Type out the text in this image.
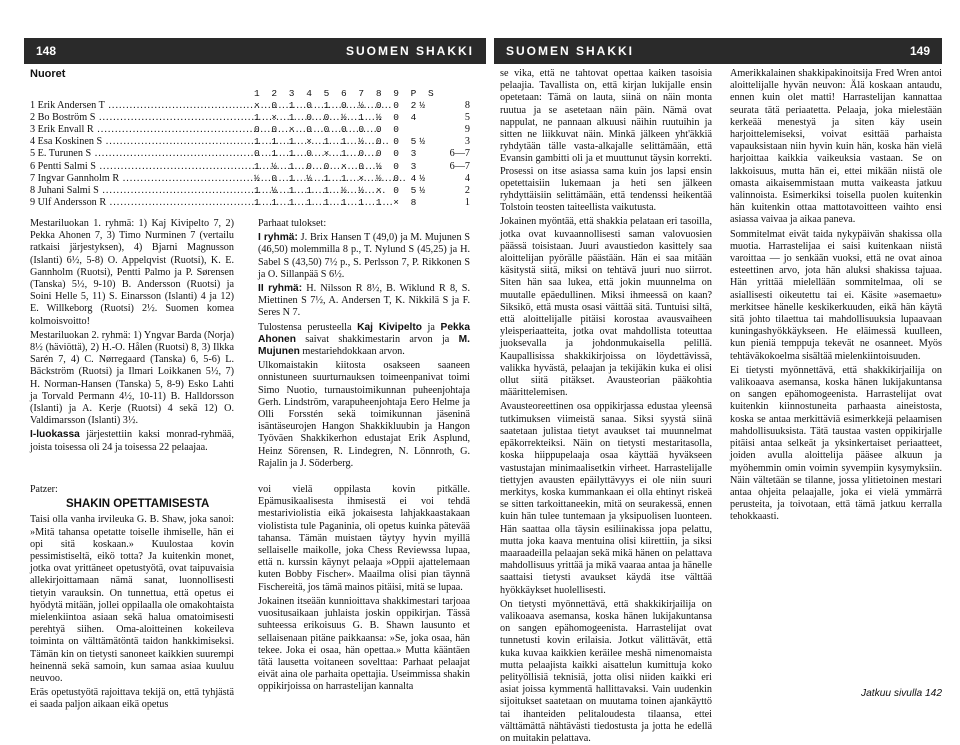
148	SUOMEN SHAKKI	SUOMEN SHAKKI	149
Nuoret
1 2 3 4 5 6 7 8 9 P S
1 Erik Andersen T .....	× 0 1 0 1 0 ½ 0 0 2½	8
2 Bo Boström S .....	1 × 1 0 0 ½ 1 ½ 0 4	5
3 Erik Envall R .....	0 0 × 0 0 0 0 0 0	9
4 Esa Koskinen S .....	1 1 1 × 1 1 ½ 0 0 5½	3
5 E. Turunen S .....	0 1 1 0 × 1 0 0 0 3	6—7
6 Pentti Salmi S .....	1 ½ 1 0 0 × 0 ½ 0 3	6—7
7 Ingvar Gannholm R .....	½ 0 1 ½ 1 1 × ½ 0 4½	4
8 Juhani Salmi S .....	1 ½ 1 1 1 ½ ½ × 0 5½	2
9 Ulf Andersson R .....	1 1 1 1 1 1 1 1 × 8	1

Mestariluokan 1. ryhmä: 1) Kaj Kivipelto 7, 2) Pekka Ahonen 7, 3) Timo Nurminen 7 (vertailu ratkaisi järjestyksen), 4) Bjarni Magnusson (Islanti) 6½, 5-8) O. Appelqvist (Ruotsi), K. E. Gannholm (Ruotsi), Pentti Palmo ja P. Sørensen (Tanska) 5½, 9-10) B. Andersson (Ruotsi) ja Soini Helle 5, 11) S. Einarsson (Islanti) 4 ja 12) E. Willkeborg (Ruotsi) 2½. Suomen komea kolmoisvoitto!

Mestariluokan 2. ryhmä: 1) Yngvar Barda (Norja) 8½ (häviöttä), 2) H.-O. Hålen (Ruotsi) 8, 3) Ilkka Sarén 7, 4) C. Nørregaard (Tanska) 6, 5-6) L. Bäckström (Ruotsi) ja Ilmari Loikkanen 5½, 7) H. Norman-Hansen (Tanska) 5, 8-9) Esko Lahti ja Torvald Permann 4½, 10-11) B. Halldorsson (Islanti) ja A. Kerje (Ruotsi) 4 sekä 12) O. Valdimarsson (Islanti) 3½.

I-luokassa järjestettiin kaksi monrad-ryhmää, joista toisessa oli 24 ja toisessa 22 pelaajaa.

Patzer:
SHAKIN OPETTAMISESTA

Taisi olla vanha irvileuka G. B. Shaw, joka sanoi: »Mitä tahansa opetatte toiselle ihmiselle, hän ei opi sitä koskaan.» Kuulostaa kovin pessimistiseltä, eikö totta? Ja kuitenkin monet, jotka ovat yrittäneet opetustyötä, ovat taipuvaisia allekirjoittamaan nämä sanat, luonnollisesti tietyin varauksin. On tunnettua, että opetus ei hyödytä mitään, jollei oppilaalla ole omakohtaista mielenkiintoa asiaan sekä halua omatoimisesti perehtyä siihen. Oma-aloitteinen kokeileva toiminta on välttämätöntä taidon hankkimiseksi. Tämän kin on tietysti sanoneet kaikkien suurempi heinennä sekä samoin, kun samaa asiaa kuuluu neuvoo.

Eräs opetustyötä rajoittava tekijä on, että tyhjästä ei saada paljon aikaan eikä opetus

Parhaat tulokset:

I ryhmä: J. Brix Hansen T (49,0) ja M. Mujunen S (46,50) molemmilla 8 p., T. Nylund S (45,25) ja H. Sabel S (43,50) 7½ p., S. Perlsson 7, P. Rikkonen S ja O. Sillanpää S 6½.

II ryhmä: H. Nilsson R 8½, B. Wiklund R 8, S. Miettinen S 7½, A. Andersen T, K. Nikkilä S ja F. Seres N 7.

Tulostensa perusteella Kaj Kivipelto ja Pekka Ahonen saivat shakkimestarin arvon ja M. Mujunen mestariehdokkaan arvon.

Ulkomaistakin kiitosta osakseen saaneen onnistuneen suurturnauksen toimeenpanivat toimi Simo Nuotio, turnaustoimikunnan puheenjohtaja Gerh. Lindström, varapuheenjohtaja Eero Helme ja Olli Forsstén sekä toimikunnan jäseninä isäntäseurojen Hangon Shakkikluubin ja Hangon Työväen Shakkikerhon edustajat Erik Asplund, Heinz Sörensen, R. Lindegren, N. Lönnroth, G. Rajalin ja J. Söderberg.

voi vielä oppilasta kovin pitkälle. Epämusikaalisesta ihmisestä ei voi tehdä mestariviolistia eikä jokaisesta lahjakkaastakaan violistista tule Paganinia, oli opetus kuinka pätevää tahansa. Tämän muistaen täytyy hyvin myillä sellaiselle maikolle, joka Chess Reviewssa lupaa, että n. kurssin käynyt pelaaja »Oppii ajattelemaan kuten Bobby Fischer». Maailma olisi pian täynnä Fischereitä, jos tämä mainos pitäisi, mitä se lupaa.

Jokainen itseään kunnioittava shakkimestari tarjoaa vuositusaikaan juhlaista joskin oppikirjan. Tässä suhteessa erikoisuus G. B. Shawn lausunto et sellaisenaan pitäne paikkaansa: »Se, joka osaa, hän tekee. Joka ei osaa, hän opettaa.» Mutta kääntäen tätä lausetta voitaneen sovelttaa: Parhaat pelaajat eivät aina ole parhaita opettajia. Useimmissa shakin oppikirjoissa on harrastelijan kannalta

se vika, että ne tahtovat opettaa kaiken tasoisia pelaajia. Tavallista on, että kirjan lukijalle ensin opetetaan: Tämä on lauta, siinä on näin monta ruutua ja se asetetaan näin päin. Nämä ovat nappulat, ne pannaan alkuusi näihin ruutuihin ja sitten ne liikkuvat näin. Minkä jälkeen yht'äkkiä ryhdytään tälle vasta-alkajalle selittämään, että Evansin gambitti oli ja et muuttunut täysin korrekti. Prosessi on itse asiassa sama kuin jos lapsi ensin opetettaisiin lukemaan ja heti sen jälkeen ryhdyttäisiin selittämään, että tendenssi heikentää Tolstoin teosten taiteellista vaikutusta.

Jokainen myöntää, että shakkia pelataan eri tasoilla, jotka ovat kuvaannollisesti saman valovuosien päässä toisistaan. Juuri avaustiedon kasittely saa aloittelijan pyörälle päästään. Hän ei saa mitään käsitystä siitä, miksi on tehtävä juuri nuo siirrot. Siten hän saa lukea, että jokin muunnelma on muutalle epäedullinen. Miksi ihmeessä on kaan? Siksikö, että musta osasi väittää sitä. Tuntuisi siltä, että aloittelijalle pitäisi korostaa avausvaiheen yleisperiaatteita, jotka ovat mahdollista toteuttaa juoksevalla ja johdonmukaisella pelillä. Kaupallisissa shakkikirjoissa on löydettävissä, valikka hyvästä, pelaajan ja tekijäkin kuka ei olisi ollut siitä pitäkset. Avausteorian pääkohtia määrittelemisen.

Avausteoreettinen osa oppikirjassa edustaa yleensä tutkimuksen viimeistä sanaa. Siksi syystä siinä saatetaan julistaa tietyt avaukset tai muunnelmat epäkorrekteiksi. Näin on tietysti mestaritasolla, koska hiippupelaaja osaa käyttää hyväkseen vastustajan minimaalisetkin virheet. Harrastelijalle tiettyjen avausten epäilyttävyys ei ole niin suuri merkitys, koska kummankaan ei olla ehtinyt riskeä se sitten tarkoittaneekin, mitä on seurakessä, ennen kuin hän tulee tuntemaan ja yksipuolisen luonteen. Hän saattaa olla täysin esiliinakissa jopa pelattu, mutta joka kaava mentuina olisi kiirettiin, ja siksi maaraadeilla pelaajan sekä mikä hänen on pelattava mahdollisuus yrittää ja mikä vaaraa antaa ja hänelle saattaisi tietysti avaukset käydä itse välttää hyökkäykset huolellisesti.

On tietysti myönnettävä, että shakkikirjailija on valikoaava asemansa, koska hänen lukijakuntansa on sangen epähomogeenista. Harrastelijat ovat tunnetusti kovin erilaisia. Jotkut välittävät, että kuka kuvaa kaikkien keräilee meshä nimenomaista mutta pelaajista kaikki aisattelun kumittuja koko pelityöllisiä teknisiä, jotta olisi niiden kaikki eri asiat joissa kymmentä hallittavaksi. Vain uudenkin sijoitukset saatetaan on muutama toinen ajankäyttö tai ihanteiden pelitaloudesta tilaansa, ettei välttämättä nähtävästi tiedostusta ja jotta he edellä on muitakin pelattava.

Amerikkalainen shakkipakinoitsija Fred Wren antoi aloittelijalle hyvän neuvon: Älä koskaan antaudu, ennen kuin olet matti! Harrastelijan kannattaa seurata tätä periaatetta. Pelaaja, joka mielestään kerkeää menestyä ja siten käy usein harjoittelemiseksi, voivat esittää parhaista vapauksistaan niin hyvin kuin hän, koska hän vielä harjoittaa kaikkia vaikeuksia vastaan. Se on lakkoisuus, mutta hän ei, ettei mikään niistä ole omasta aikaisemmistaan mutta vaikeasta jatkuu valinnoista. Esimerkiksi toisella puolen kuitenkin hän kuitenkin ottaa mattotavoitteen vaihto ensi asiassa vaivaa ja aikaa paneva.

Sommitelmat eivät taida nykypäivän shakissa olla muotia. Harrastelijaa ei saisi kuitenkaan niistä varoittaa — jo senkään vuoksi, että ne ovat ainoa esteettinen arvo, jota hän aluksi shakissa tajuaa. Hän yrittää mielellään sommitelmaa, oli se asiallisesti oikeutettu tai ei. Käsite »asemaetu» merkitsee hänelle keskikerkuuden, eikä hän käytä sitä johto tilaettua tai mahdollisuuksia lupaavaan kuningashyökkäykseen. He eläimessä kuulleen, kun pieniä temppuja tekevät ne osanneet. Myös tehtäväkokoelma sisältää mielenkiintoisuuden.

Ei tietysti myönnettävä, että shakkikirjailija on valikoaava asemansa, koska hänen lukijakuntansa on sangen epähomogeenista. Harrastelijat ovat kuitenkin kiinnostuneita parhaasta aineistosta, koska se antaa merkittäviä esimerkkejä pelaamisen mahdollisuuksista. Tätä taustaa vasten oppikirjalle pitäisi antaa selkeät ja yksinkertaiset periaatteet, joiden avulla aloittelija pääsee alkuun ja myöhemmin omin voimin syvempiin kysymyksiin. Näin vältetään se tilanne, jossa ylitietoinen mestari antaa ohjeita pelaajalle, joka ei vielä ymmärrä perusteita, ja toivotaan, että tämä jatkuu kerralla tehokkaasti.

Jatkuu sivulla 142
